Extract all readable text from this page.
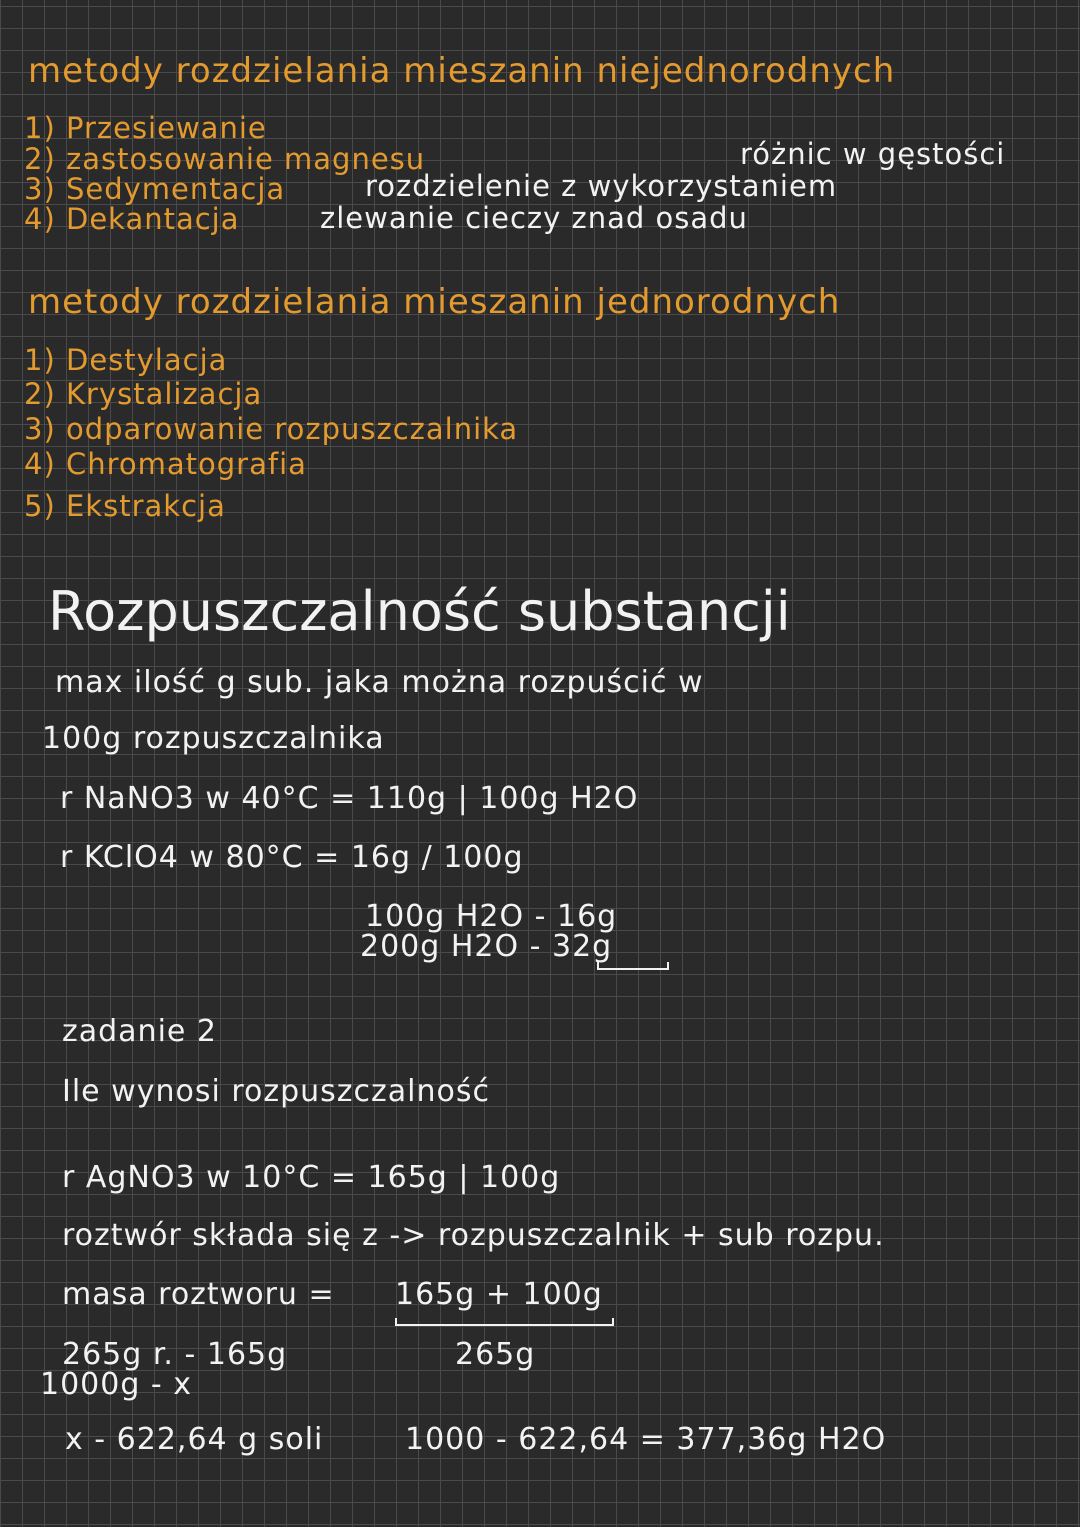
metody rozdzielania mieszanin niejednorodnych
1) Przesiewanie
2) zastosowanie magnesu
3) Sedymentacja
4) Dekantacja
różnic w gęstości
rozdzielenie z wykorzystaniem
zlewanie cieczy znad osadu
metody rozdzielania mieszanin jednorodnych
1) Destylacja
2) Krystalizacja
3) odparowanie rozpuszczalnika
4) Chromatografia
5) Ekstrakcja
Rozpuszczalność substancji
max ilość g sub. jaka można rozpuścić w
100g rozpuszczalnika
r NaNO3 w 40°C = 110g | 100g H2O
r KClO4 w 80°C = 16g / 100g
100g H2O - 16g
200g H2O - 32g
zadanie 2
Ile wynosi rozpuszczalność
r AgNO3 w 10°C = 165g | 100g
roztwór składa się z -> rozpuszczalnik + sub rozpu.
masa roztworu = 165g + 100g
265g
265g r. - 165g
1000g - x
x - 622,64 g soli	1000 - 622,64 = 377,36g H2O
